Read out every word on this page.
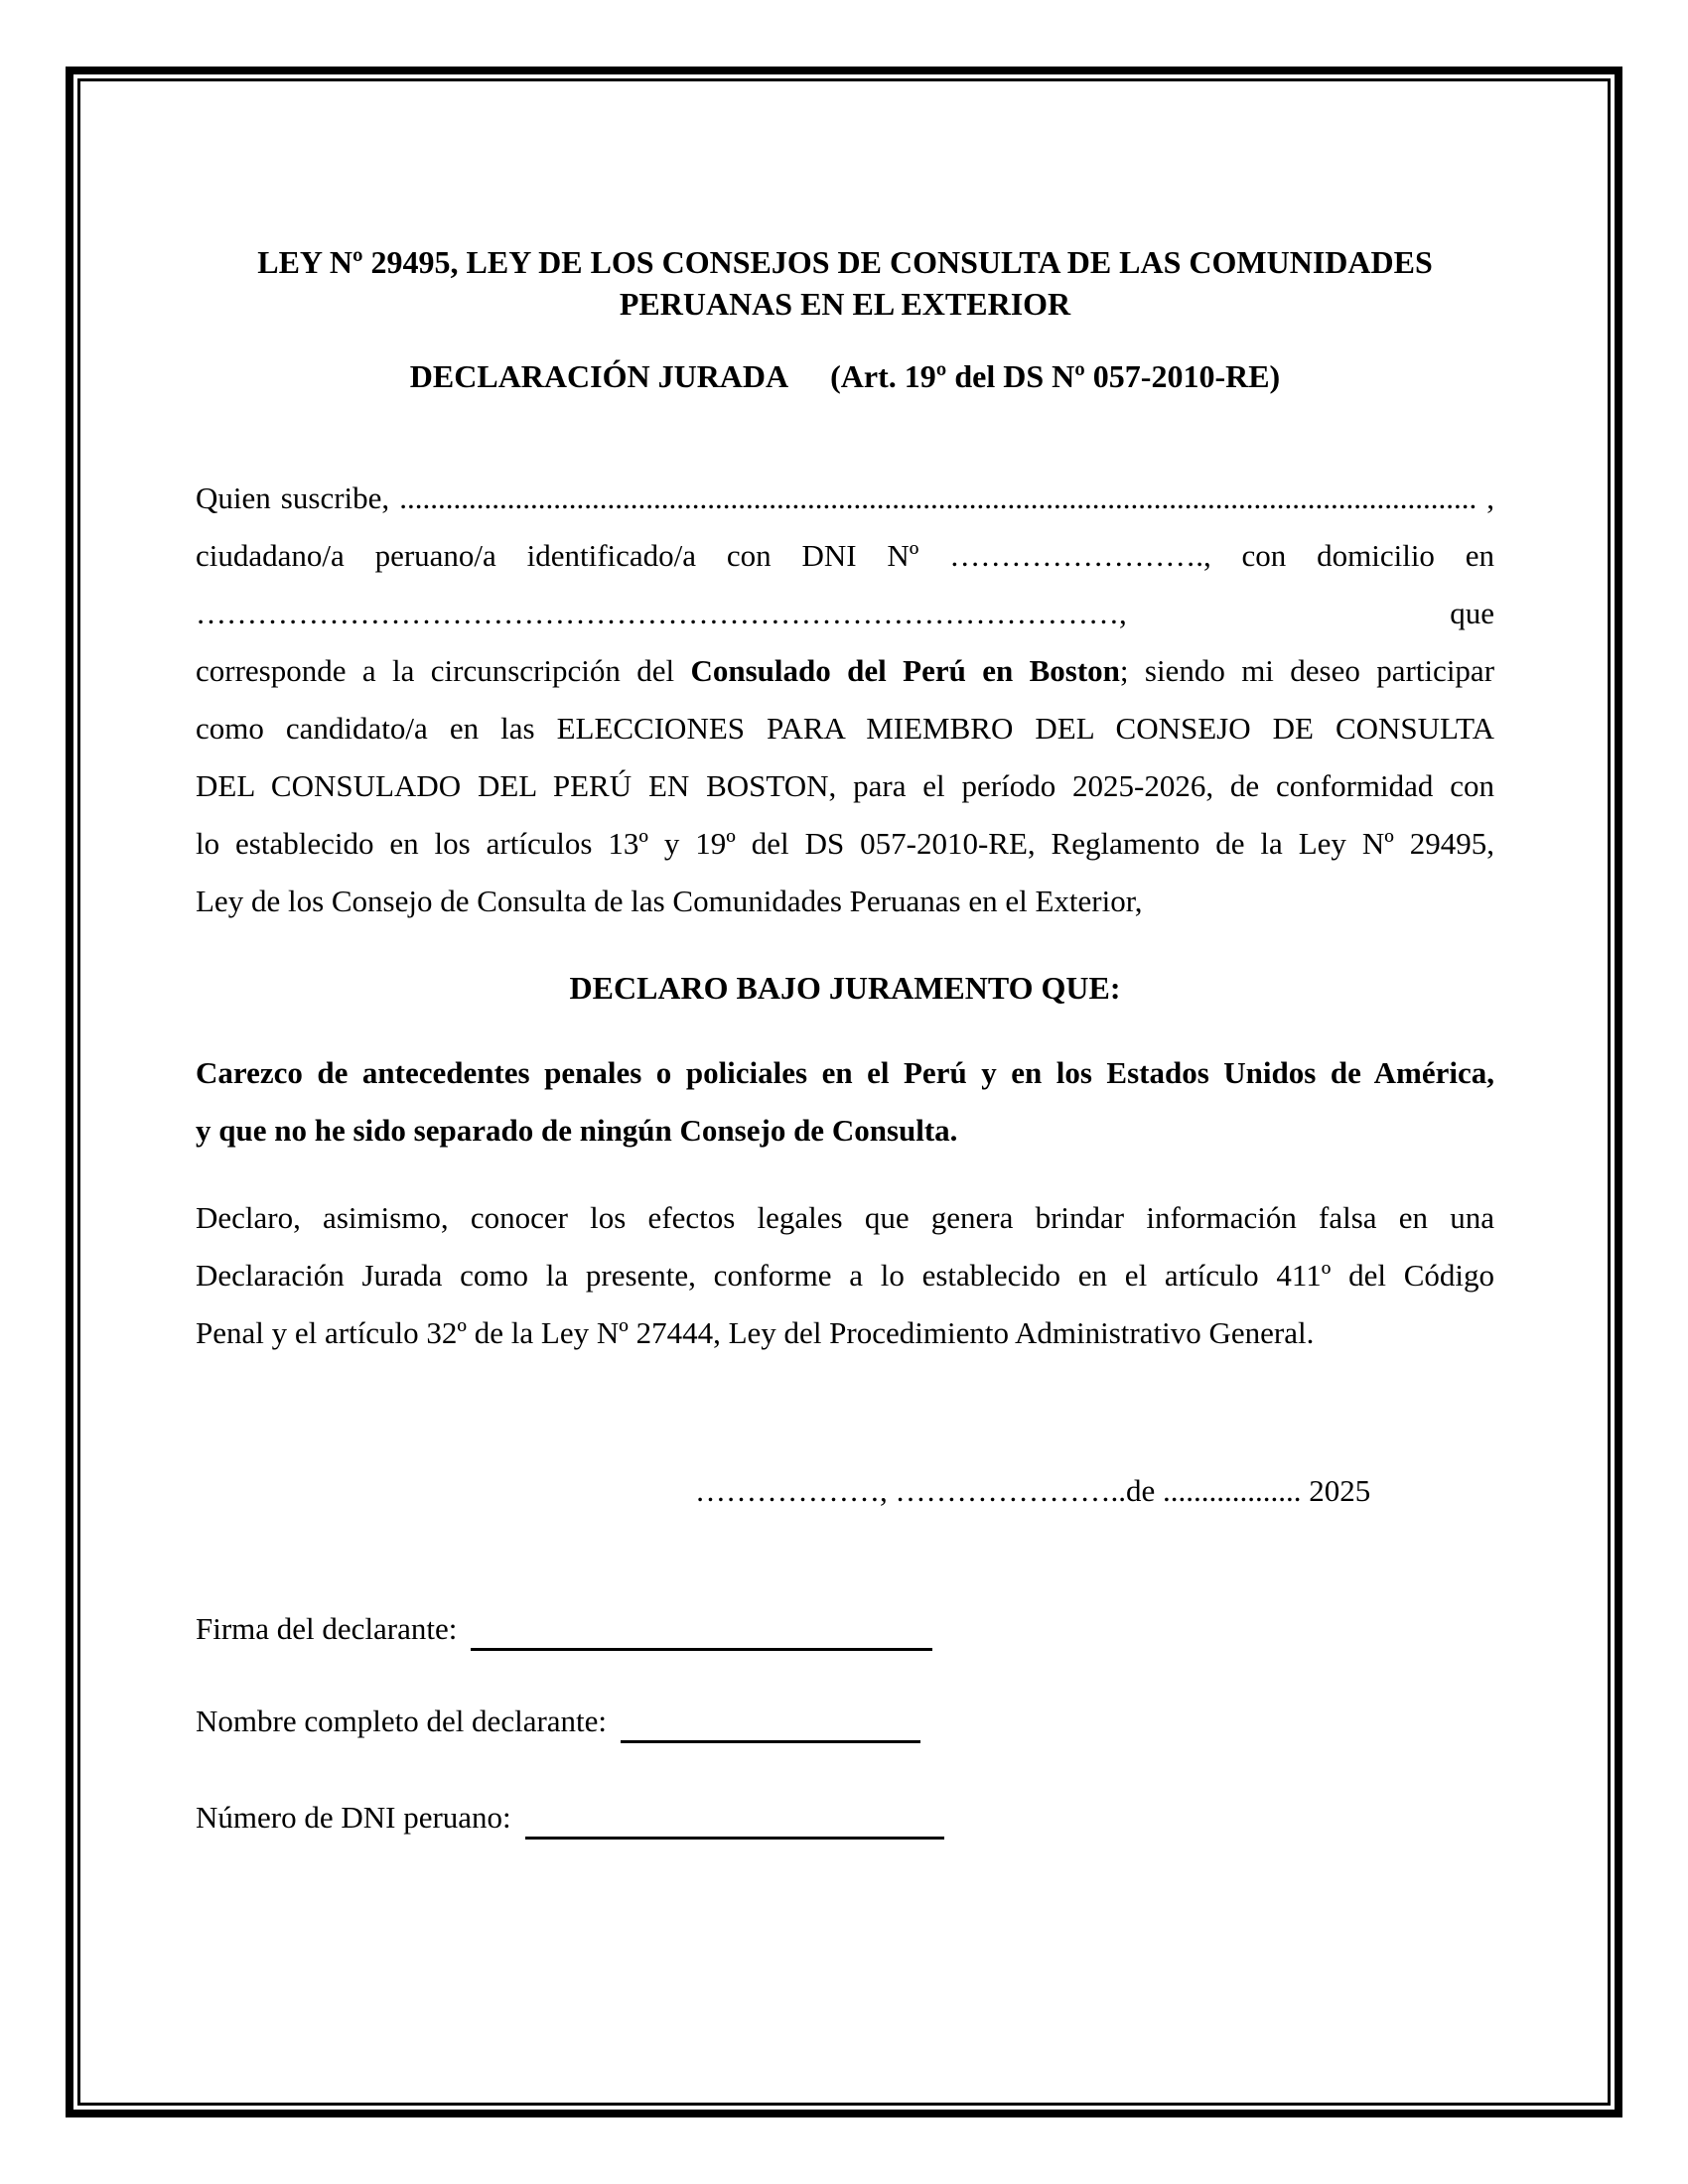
LEY Nº 29495, LEY DE LOS CONSEJOS DE CONSULTA DE LAS COMUNIDADES
PERUANAS EN EL EXTERIOR
DECLARACIÓN JURADA (Art. 19º del DS Nº 057-2010-RE)
Quien suscribe, ............................................................................................................................................ ,
ciudadano/a peruano/a identificado/a con DNI Nº ……………………., con domicilio en
………………………………………………………………………………, que
corresponde a la circunscripción del Consulado del Perú en Boston; siendo mi deseo participar
como candidato/a en las ELECCIONES PARA MIEMBRO DEL CONSEJO DE CONSULTA
DEL CONSULADO DEL PERÚ EN BOSTON, para el período 2025-2026, de conformidad con
lo establecido en los artículos 13º y 19º del DS 057-2010-RE, Reglamento de la Ley Nº 29495,
Ley de los Consejo de Consulta de las Comunidades Peruanas en el Exterior,
DECLARO BAJO JURAMENTO QUE:
Carezco de antecedentes penales o policiales en el Perú y en los Estados Unidos de América,
y que no he sido separado de ningún Consejo de Consulta.
Declaro, asimismo, conocer los efectos legales que genera brindar información falsa en una
Declaración Jurada como la presente, conforme a lo establecido en el artículo 411º del Código
Penal y el artículo 32º de la Ley Nº 27444, Ley del Procedimiento Administrativo General.
………………, …………………..de .................. 2025
Firma del declarante:
Nombre completo del declarante:
Número de DNI peruano:
